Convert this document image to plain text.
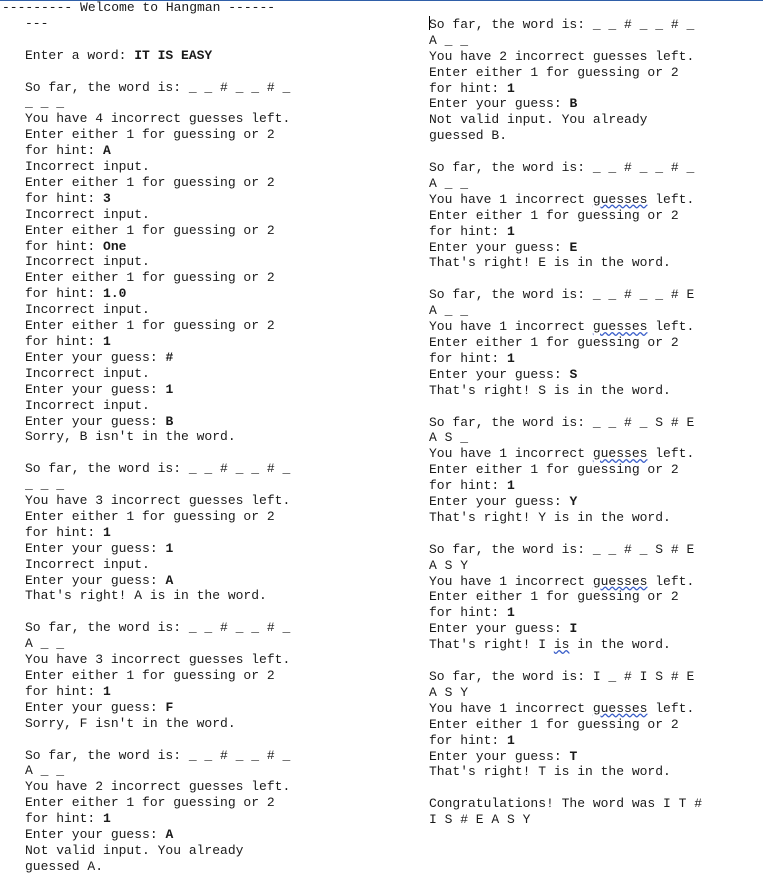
--------- Welcome to Hangman ------
---
Enter a word: IT IS EASY
So far, the word is: _ _ # _ _ # _
_ _ _
You have 4 incorrect guesses left.
Enter either 1 for guessing or 2
for hint: A
Incorrect input.
Enter either 1 for guessing or 2
for hint: 3
Incorrect input.
Enter either 1 for guessing or 2
for hint: One
Incorrect input.
Enter either 1 for guessing or 2
for hint: 1.0
Incorrect input.
Enter either 1 for guessing or 2
for hint: 1
Enter your guess: #
Incorrect input.
Enter your guess: 1
Incorrect input.
Enter your guess: B
Sorry, B isn't in the word.
So far, the word is: _ _ # _ _ # _
_ _ _
You have 3 incorrect guesses left.
Enter either 1 for guessing or 2
for hint: 1
Enter your guess: 1
Incorrect input.
Enter your guess: A
That's right! A is in the word.
So far, the word is: _ _ # _ _ # _
A _ _
You have 3 incorrect guesses left.
Enter either 1 for guessing or 2
for hint: 1
Enter your guess: F
Sorry, F isn't in the word.
So far, the word is: _ _ # _ _ # _
A _ _
You have 2 incorrect guesses left.
Enter either 1 for guessing or 2
for hint: 1
Enter your guess: A
Not valid input. You already
guessed A.
So far, the word is: _ _ # _ _ # _
A _ _
You have 2 incorrect guesses left.
Enter either 1 for guessing or 2
for hint: 1
Enter your guess: B
Not valid input. You already
guessed B.
So far, the word is: _ _ # _ _ # _
A _ _
You have 1 incorrect guesses left.
Enter either 1 for guessing or 2
for hint: 1
Enter your guess: E
That's right! E is in the word.
So far, the word is: _ _ # _ _ # E
A _ _
You have 1 incorrect guesses left.
Enter either 1 for guessing or 2
for hint: 1
Enter your guess: S
That's right! S is in the word.
So far, the word is: _ _ # _ S # E
A S _
You have 1 incorrect guesses left.
Enter either 1 for guessing or 2
for hint: 1
Enter your guess: Y
That's right! Y is in the word.
So far, the word is: _ _ # _ S # E
A S Y
You have 1 incorrect guesses left.
Enter either 1 for guessing or 2
for hint: 1
Enter your guess: I
That's right! I is in the word.
So far, the word is: I _ # I S # E
A S Y
You have 1 incorrect guesses left.
Enter either 1 for guessing or 2
for hint: 1
Enter your guess: T
That's right! T is in the word.
Congratulations! The word was I T #
I S # E A S Y
